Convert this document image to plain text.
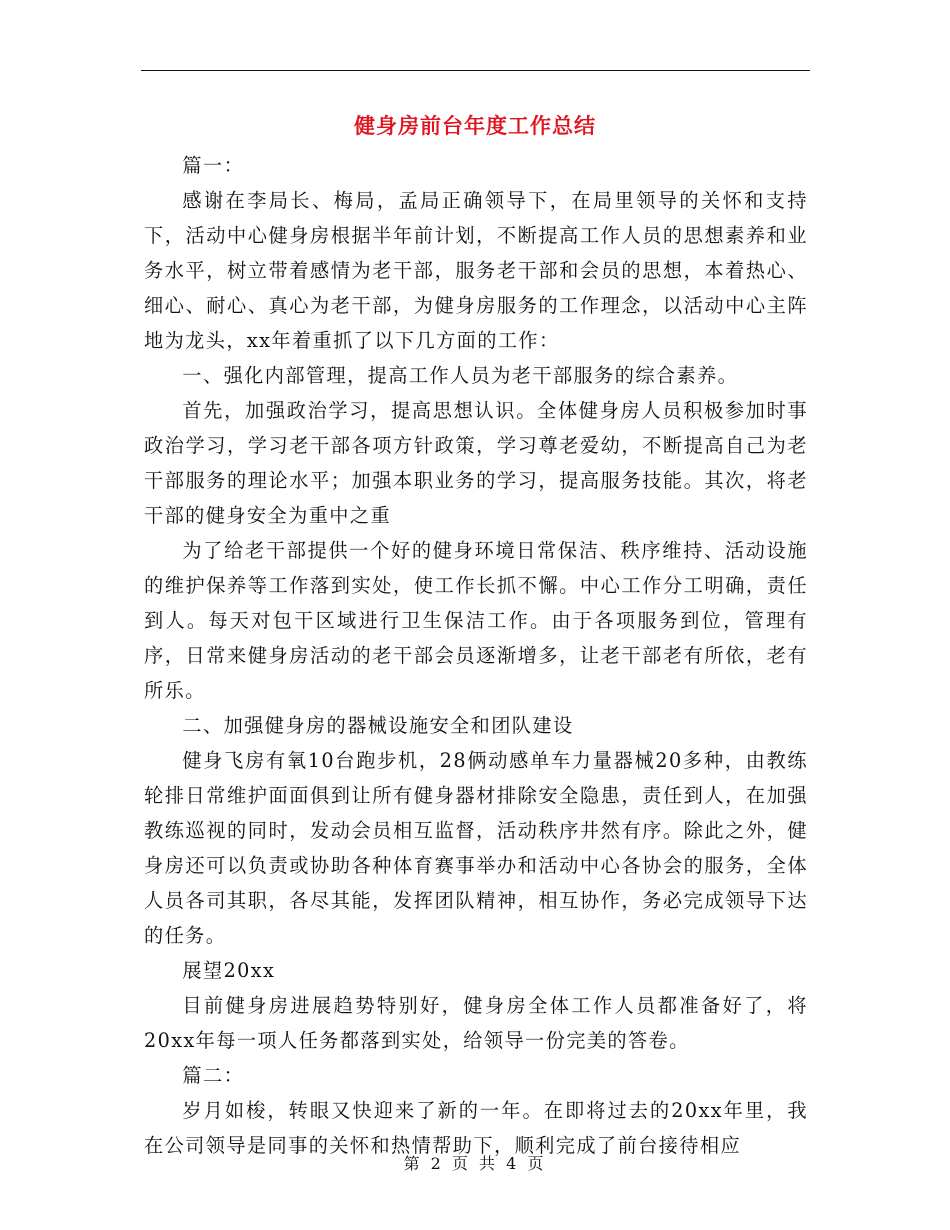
健身房前台年度工作总结

篇一：

感谢在李局长、梅局，孟局正确领导下，在局里领导的关怀和支持下，活动中心健身房根据半年前计划，不断提高工作人员的思想素养和业务水平，树立带着感情为老干部，服务老干部和会员的思想，本着热心、细心、耐心、真心为老干部，为健身房服务的工作理念，以活动中心主阵地为龙头，xx年着重抓了以下几方面的工作：

一、强化内部管理，提高工作人员为老干部服务的综合素养。

首先，加强政治学习，提高思想认识。全体健身房人员积极参加时事政治学习，学习老干部各项方针政策，学习尊老爱幼，不断提高自己为老干部服务的理论水平；加强本职业务的学习，提高服务技能。其次，将老干部的健身安全为重中之重

为了给老干部提供一个好的健身环境日常保洁、秩序维持、活动设施的维护保养等工作落到实处，使工作长抓不懈。中心工作分工明确，责任到人。每天对包干区域进行卫生保洁工作。由于各项服务到位，管理有序，日常来健身房活动的老干部会员逐渐增多，让老干部老有所依，老有所乐。

二、加强健身房的器械设施安全和团队建设

健身飞房有氧10台跑步机，28俩动感单车力量器械20多种，由教练轮排日常维护面面俱到让所有健身器材排除安全隐患，责任到人，在加强教练巡视的同时，发动会员相互监督，活动秩序井然有序。除此之外，健身房还可以负责或协助各种体育赛事举办和活动中心各协会的服务，全体人员各司其职，各尽其能，发挥团队精神，相互协作，务必完成领导下达的任务。

展望20xx

目前健身房进展趋势特别好，健身房全体工作人员都准备好了，将20xx年每一项人任务都落到实处，给领导一份完美的答卷。

篇二：

岁月如梭，转眼又快迎来了新的一年。在即将过去的20xx年里，我在公司领导是同事的关怀和热情帮助下，顺利完成了前台接待相应

第 2 页 共 4 页
